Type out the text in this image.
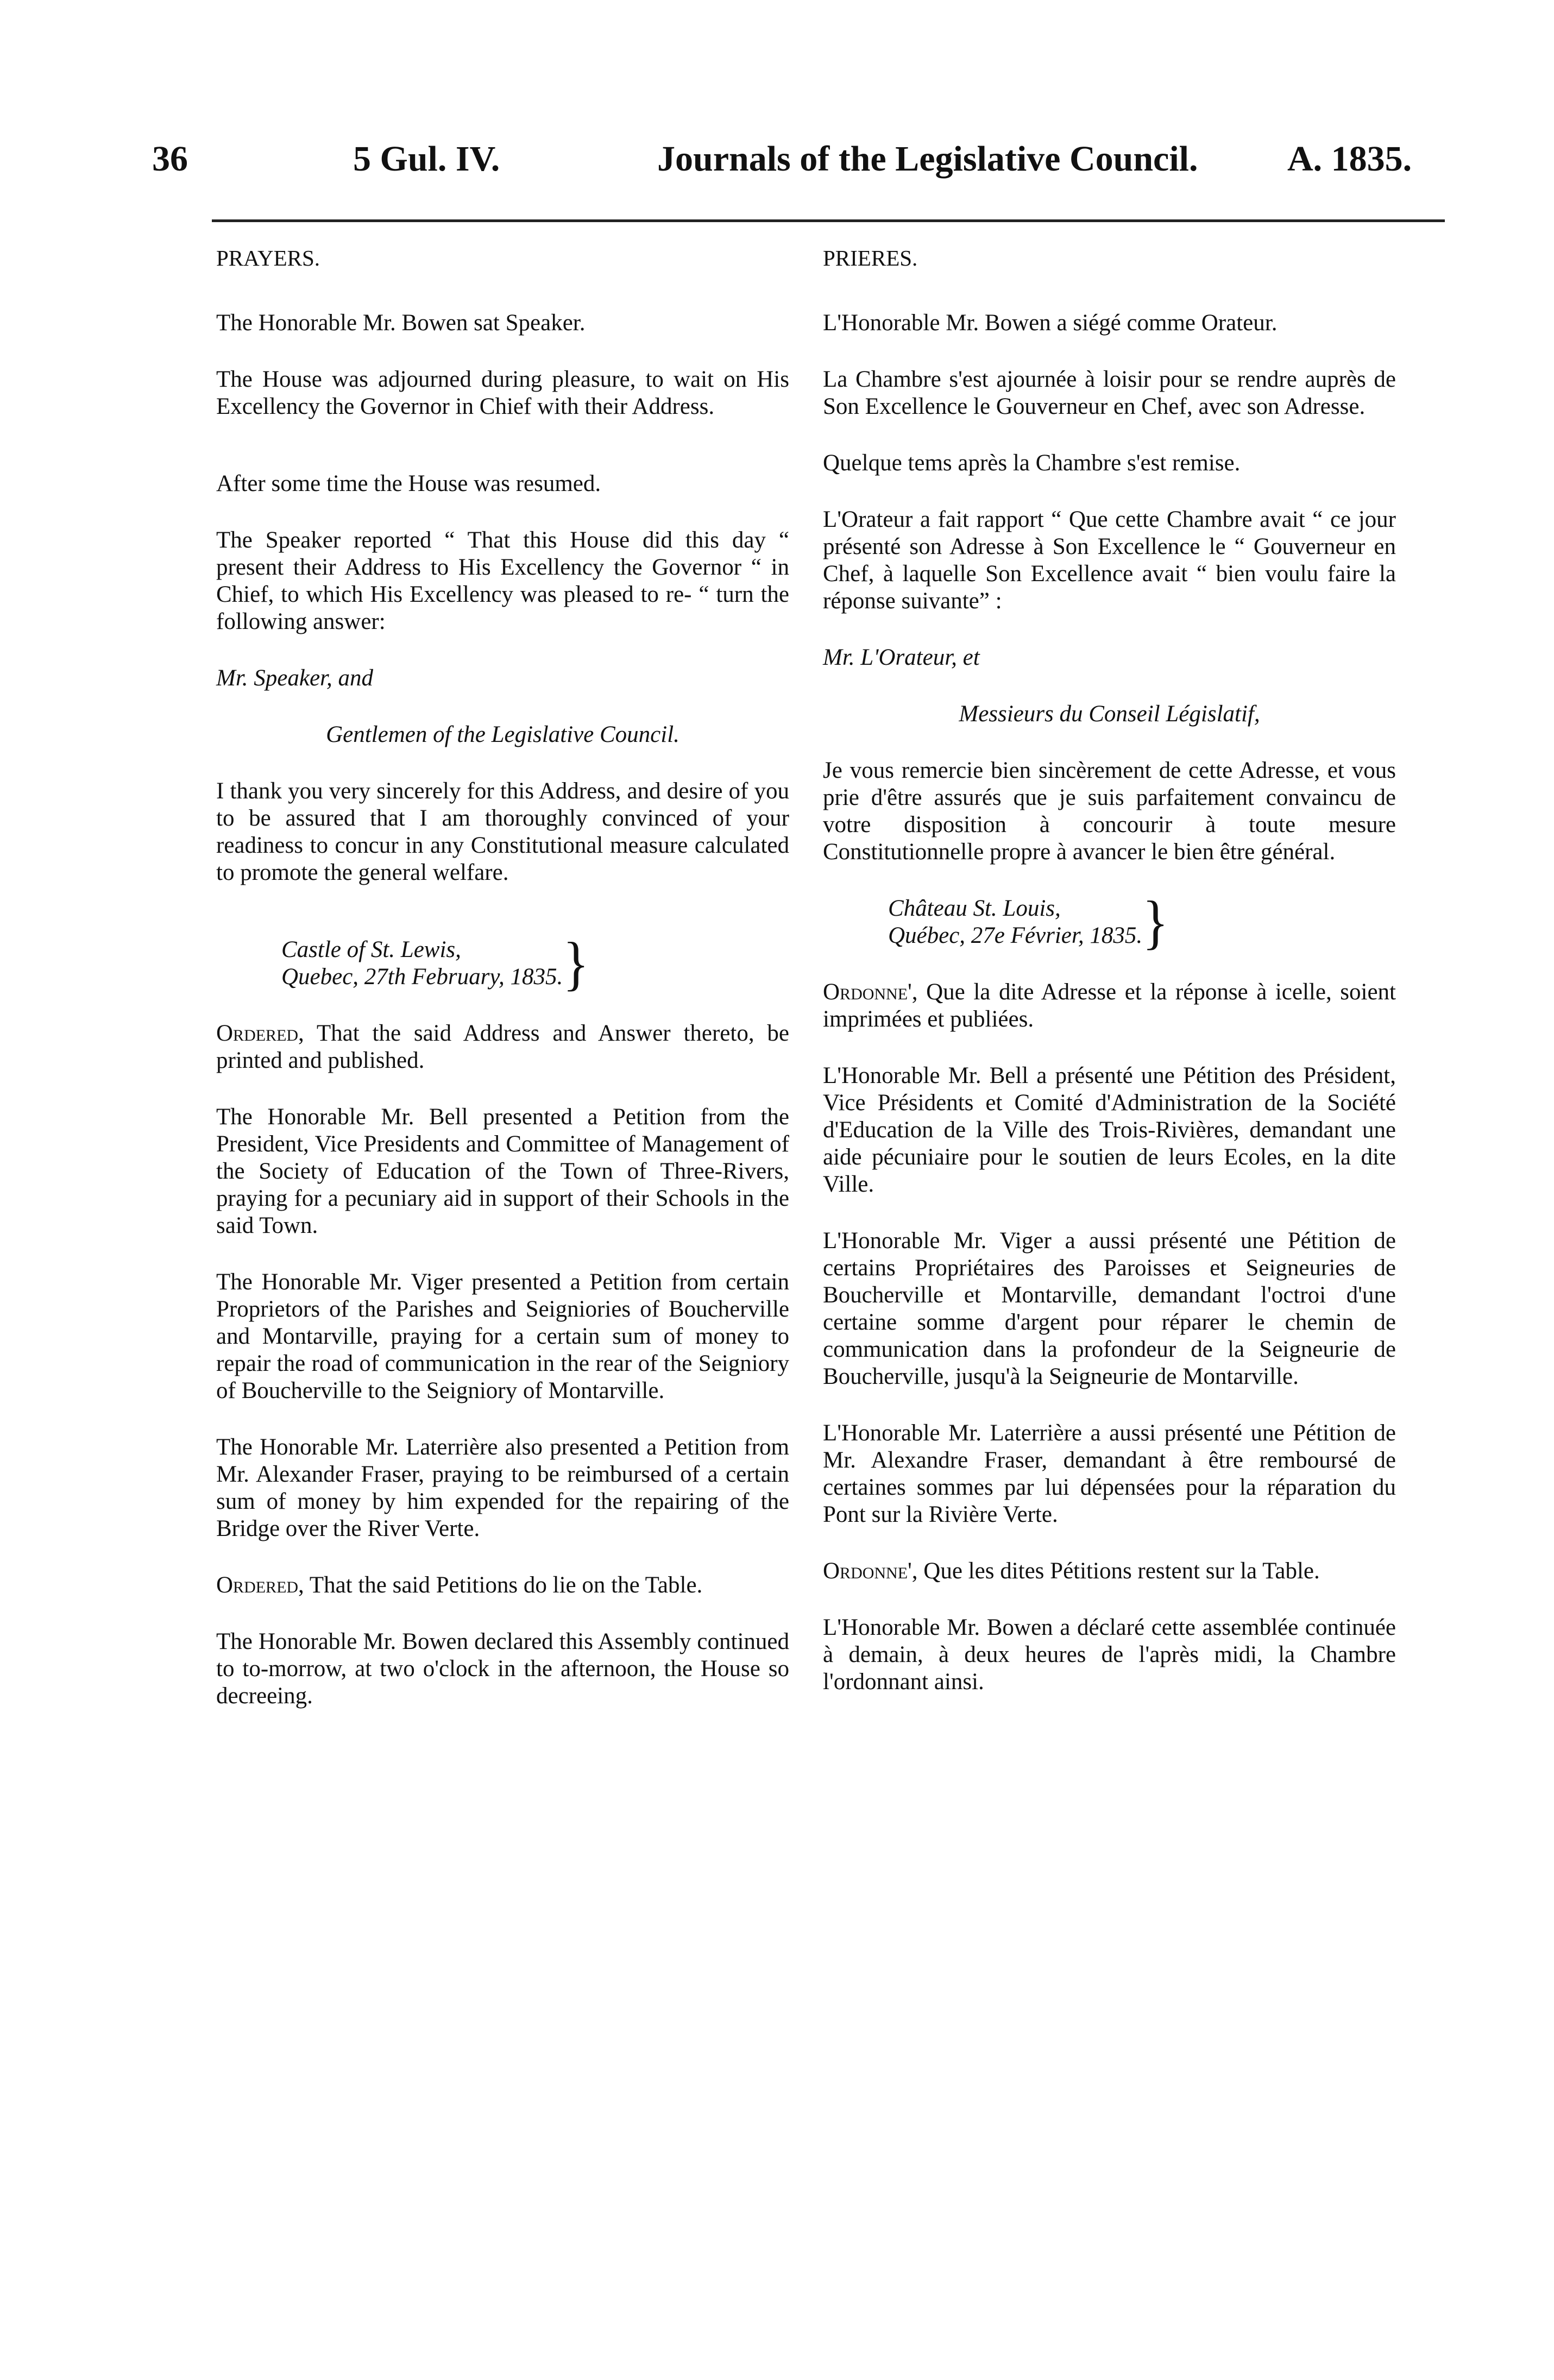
36	5 Gul. IV.	Journals of the Legislative Council. A. 1835.

PRAYERS.

The Honorable Mr. Bowen sat Speaker.

The House was adjourned during pleasure, to wait on His Excellency the Governor in Chief with their Address.

After some time the House was resumed.

The Speaker reported “ That this House did this day “ present their Address to His Excellency the Governor “ in Chief, to which His Excellency was pleased to re- “ turn the following answer:

Mr. Speaker, and

Gentlemen of the Legislative Council.

I thank you very sincerely for this Address, and desire of you to be assured that I am thoroughly convinced of your readiness to concur in any Constitutional measure calculated to promote the general welfare.

Castle of St. Lewis,

Quebec, 27th February, 1835. }

Ordered, That the said Address and Answer thereto, be printed and published.

The Honorable Mr. Bell presented a Petition from the President, Vice Presidents and Committee of Management of the Society of Education of the Town of Three-Rivers, praying for a pecuniary aid in support of their Schools in the said Town.

The Honorable Mr. Viger presented a Petition from certain Proprietors of the Parishes and Seigniories of Boucherville and Montarville, praying for a certain sum of money to repair the road of communication in the rear of the Seigniory of Boucherville to the Seigniory of Montarville.

The Honorable Mr. Laterrière also presented a Petition from Mr. Alexander Fraser, praying to be reimbursed of a certain sum of money by him expended for the repairing of the Bridge over the River Verte.

Ordered, That the said Petitions do lie on the Table.

The Honorable Mr. Bowen declared this Assembly continued to to-morrow, at two o'clock in the afternoon, the House so decreeing.

PRIERES.

L'Honorable Mr. Bowen a siégé comme Orateur.

La Chambre s'est ajournée à loisir pour se rendre auprès de Son Excellence le Gouverneur en Chef, avec son Adresse.

Quelque tems après la Chambre s'est remise.

L'Orateur a fait rapport “ Que cette Chambre avait “ ce jour présenté son Adresse à Son Excellence le “ Gouverneur en Chef, à laquelle Son Excellence avait “ bien voulu faire la réponse suivante” :

Mr. L'Orateur, et

Messieurs du Conseil Législatif,

Je vous remercie bien sincèrement de cette Adresse, et vous prie d'être assurés que je suis parfaitement convaincu de votre disposition à concourir à toute mesure Constitutionnelle propre à avancer le bien être général.

Château St. Louis,

Québec, 27e Février, 1835. }

Ordonne', Que la dite Adresse et la réponse à icelle, soient imprimées et publiées.

L'Honorable Mr. Bell a présenté une Pétition des Président, Vice Présidents et Comité d'Administration de la Société d'Education de la Ville des Trois-Rivières, demandant une aide pécuniaire pour le soutien de leurs Ecoles, en la dite Ville.

L'Honorable Mr. Viger a aussi présenté une Pétition de certains Propriétaires des Paroisses et Seigneuries de Boucherville et Montarville, demandant l'octroi d'une certaine somme d'argent pour réparer le chemin de communication dans la profondeur de la Seigneurie de Boucherville, jusqu'à la Seigneurie de Montarville.

L'Honorable Mr. Laterrière a aussi présenté une Pétition de Mr. Alexandre Fraser, demandant à être remboursé de certaines sommes par lui dépensées pour la réparation du Pont sur la Rivière Verte.

Ordonne', Que les dites Pétitions restent sur la Table.

L'Honorable Mr. Bowen a déclaré cette assemblée continuée à demain, à deux heures de l'après midi, la Chambre l'ordonnant ainsi.
